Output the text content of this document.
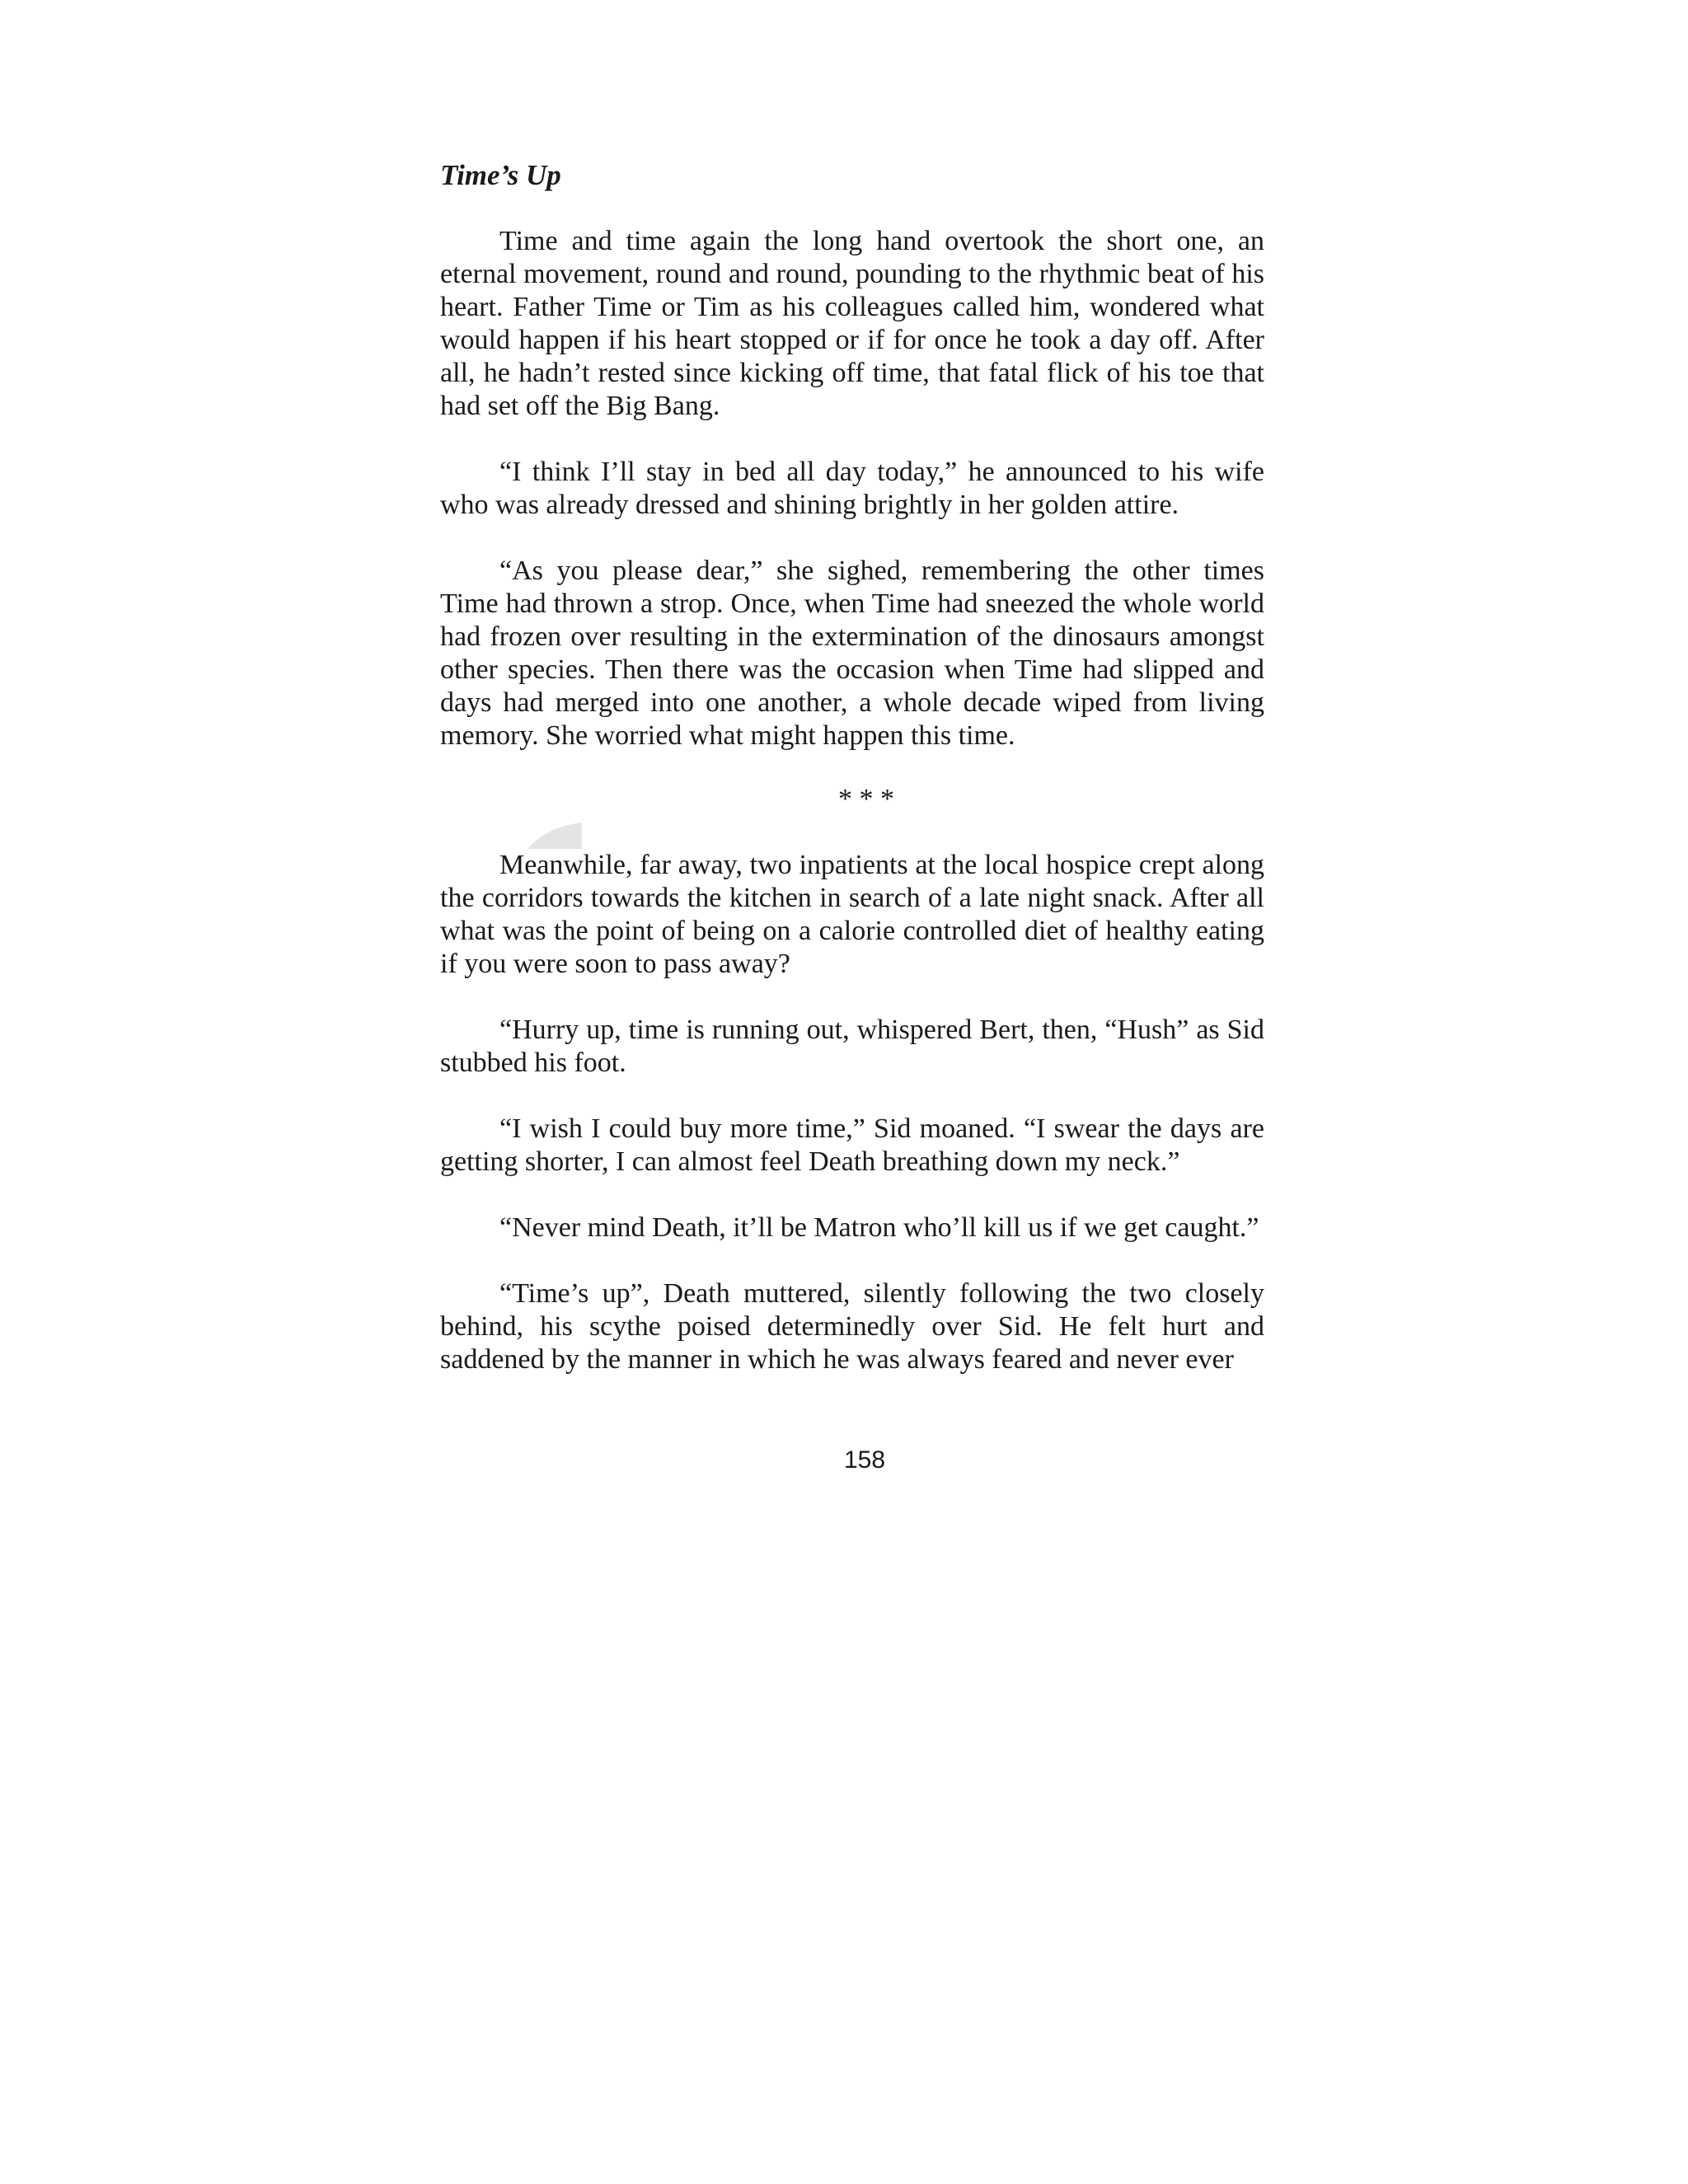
Time’s Up

Time and time again the long hand overtook the short one, an eternal movement, round and round, pounding to the rhythmic beat of his heart. Father Time or Tim as his colleagues called him, wondered what would happen if his heart stopped or if for once he took a day off. After all, he hadn’t rested since kicking off time, that fatal flick of his toe that had set off the Big Bang.

“I think I’ll stay in bed all day today,” he announced to his wife who was already dressed and shining brightly in her golden attire.

“As you please dear,” she sighed, remembering the other times Time had thrown a strop. Once, when Time had sneezed the whole world had frozen over resulting in the extermination of the dinosaurs amongst other species. Then there was the occasion when Time had slipped and days had merged into one another, a whole decade wiped from living memory. She worried what might happen this time.

* * *

Meanwhile, far away, two inpatients at the local hospice crept along the corridors towards the kitchen in search of a late night snack. After all what was the point of being on a calorie controlled diet of healthy eating if you were soon to pass away?

“Hurry up, time is running out, whispered Bert, then, “Hush” as Sid stubbed his foot.

“I wish I could buy more time,” Sid moaned. “I swear the days are getting shorter, I can almost feel Death breathing down my neck.”

“Never mind Death, it’ll be Matron who’ll kill us if we get caught.”

“Time’s up”, Death muttered, silently following the two closely behind, his scythe poised determinedly over Sid. He felt hurt and saddened by the manner in which he was always feared and never ever

158
